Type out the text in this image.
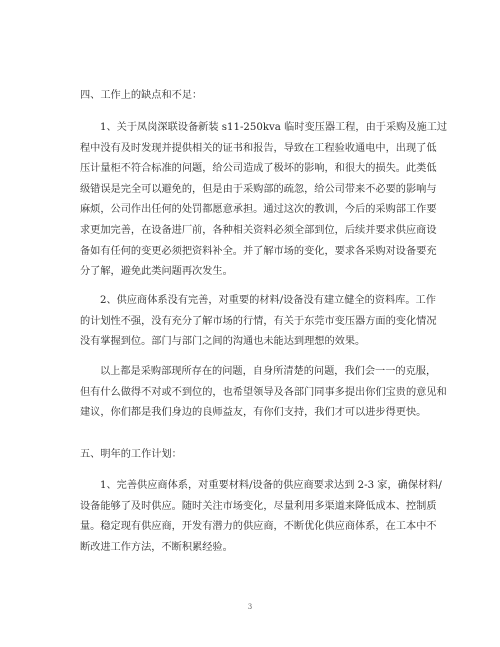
四、工作上的缺点和不足：
1、关于凤岗深联设备新装 s11-250kva 临时变压器工程，由于采购及施工过
程中没有及时发现并提供相关的证书和报告，导致在工程验收通电中，出现了低
压计量柜不符合标准的问题，给公司造成了极坏的影响，和很大的损失。此类低
级错误是完全可以避免的，但是由于采购部的疏忽，给公司带来不必要的影响与
麻烦，公司作出任何的处罚都愿意承担。通过这次的教训，今后的采购部工作要
求更加完善，在设备进厂前，各种相关资料必须全部到位，后续并要求供应商设
备如有任何的变更必须把资料补全。并了解市场的变化，要求各采购对设备要充
分了解，避免此类问题再次发生。
2、供应商体系没有完善，对重要的材料/设备没有建立健全的资料库。工作
的计划性不强，没有充分了解市场的行情，有关于东莞市变压器方面的变化情况
没有掌握到位。部门与部门之间的沟通也未能达到理想的效果。
以上都是采购部现所存在的问题，自身所清楚的问题，我们会一一的克服，
但有什么做得不对或不到位的，也希望领导及各部门同事多提出你们宝贵的意见和
建议，你们都是我们身边的良师益友，有你们支持，我们才可以进步得更快。
五、明年的工作计划：
1、完善供应商体系，对重要材料/设备的供应商要求达到 2-3 家，确保材料/
设备能够了及时供应。随时关注市场变化，尽量利用多渠道来降低成本、控制质
量。稳定现有供应商，开发有潜力的供应商，不断优化供应商体系，在工本中不
断改进工作方法，不断积累经验。
3
